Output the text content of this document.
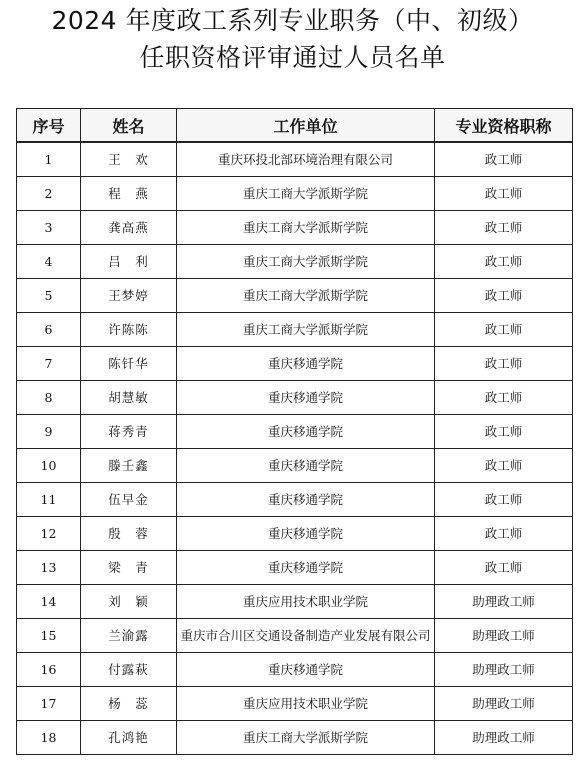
2024 年度政工系列专业职务（中、初级）
任职资格评审通过人员名单
序号	姓名	工作单位	专业资格职称
1	王　欢	重庆环投北部环境治理有限公司	政工师
2	程　燕	重庆工商大学派斯学院	政工师
3	龚高燕	重庆工商大学派斯学院	政工师
4	吕　利	重庆工商大学派斯学院	政工师
5	王梦婷	重庆工商大学派斯学院	政工师
6	许陈陈	重庆工商大学派斯学院	政工师
7	陈钎华	重庆移通学院	政工师
8	胡慧敏	重庆移通学院	政工师
9	蒋秀青	重庆移通学院	政工师
10	滕壬鑫	重庆移通学院	政工师
11	伍早金	重庆移通学院	政工师
12	殷　蓉	重庆移通学院	政工师
13	梁　青	重庆移通学院	政工师
14	刘　颖	重庆应用技术职业学院	助理政工师
15	兰渝露	重庆市合川区交通设备制造产业发展有限公司	助理政工师
16	付露萩	重庆移通学院	助理政工师
17	杨　蕊	重庆应用技术职业学院	助理政工师
18	孔鸿艳	重庆工商大学派斯学院	助理政工师
